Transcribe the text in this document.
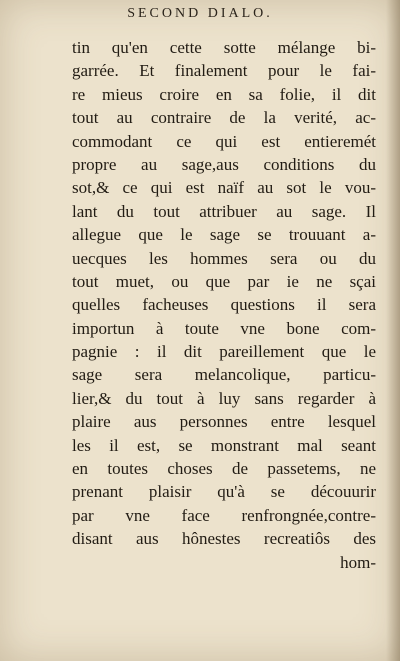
SECOND DIALO.
tin qu'en cette sotte mélange bi-
garrée. Et finalement pour le fai-
re mieus croire en sa folie, il dit
tout au contraire de la verité, ac-
commodant ce qui est entieremét
propre au sage,aus conditions du
sot,& ce qui est naïf au sot le vou-
lant du tout attribuer au sage. Il
allegue que le sage se trouuant a-
uecques les hommes sera ou du
tout muet, ou que par ie ne sçai
quelles facheuses questions il sera
importun à toute vne bone com-
pagnie : il dit pareillement que le
sage sera melancolique, particu-
lier,& du tout à luy sans regarder à
plaire aus personnes entre lesquel
les il est, se monstrant mal seant
en toutes choses de passetems, ne
prenant plaisir qu'à se découurir
par vne face renfrongnée,contre-
disant aus hônestes recreatiôs des
hom-
